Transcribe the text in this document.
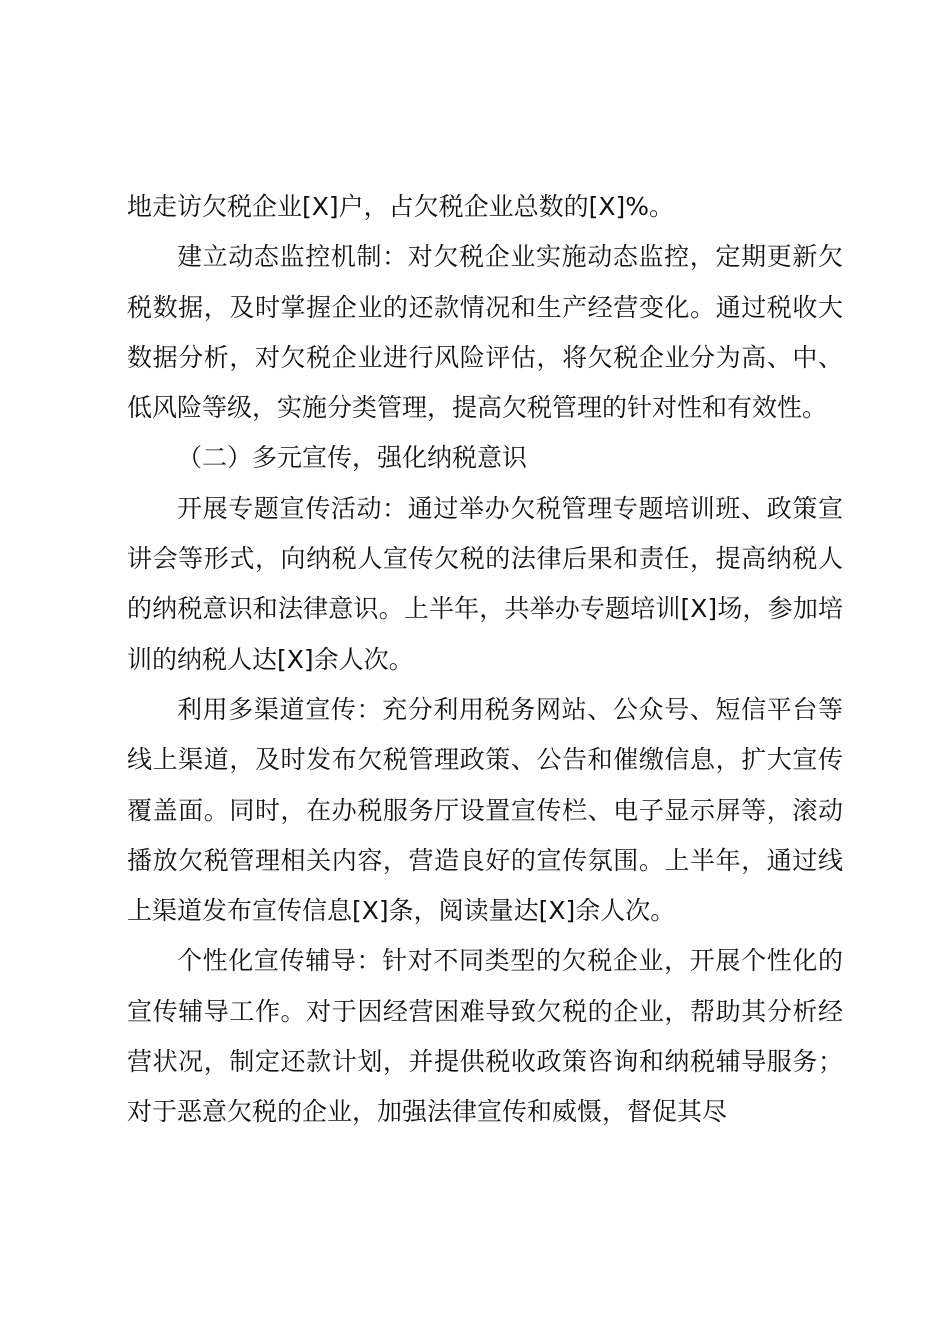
地走访欠税企业[X]户，占欠税企业总数的[X]%。

建立动态监控机制：对欠税企业实施动态监控，定期更新欠税数据，及时掌握企业的还款情况和生产经营变化。通过税收大数据分析，对欠税企业进行风险评估，将欠税企业分为高、中、低风险等级，实施分类管理，提高欠税管理的针对性和有效性。

（二）多元宣传，强化纳税意识

开展专题宣传活动：通过举办欠税管理专题培训班、政策宣讲会等形式，向纳税人宣传欠税的法律后果和责任，提高纳税人的纳税意识和法律意识。上半年，共举办专题培训[X]场，参加培训的纳税人达[X]余人次。

利用多渠道宣传：充分利用税务网站、公众号、短信平台等线上渠道，及时发布欠税管理政策、公告和催缴信息，扩大宣传覆盖面。同时，在办税服务厅设置宣传栏、电子显示屏等，滚动播放欠税管理相关内容，营造良好的宣传氛围。上半年，通过线上渠道发布宣传信息[X]条，阅读量达[X]余人次。

个性化宣传辅导：针对不同类型的欠税企业，开展个性化的宣传辅导工作。对于因经营困难导致欠税的企业，帮助其分析经营状况，制定还款计划，并提供税收政策咨询和纳税辅导服务；对于恶意欠税的企业，加强法律宣传和威慑，督促其尽
